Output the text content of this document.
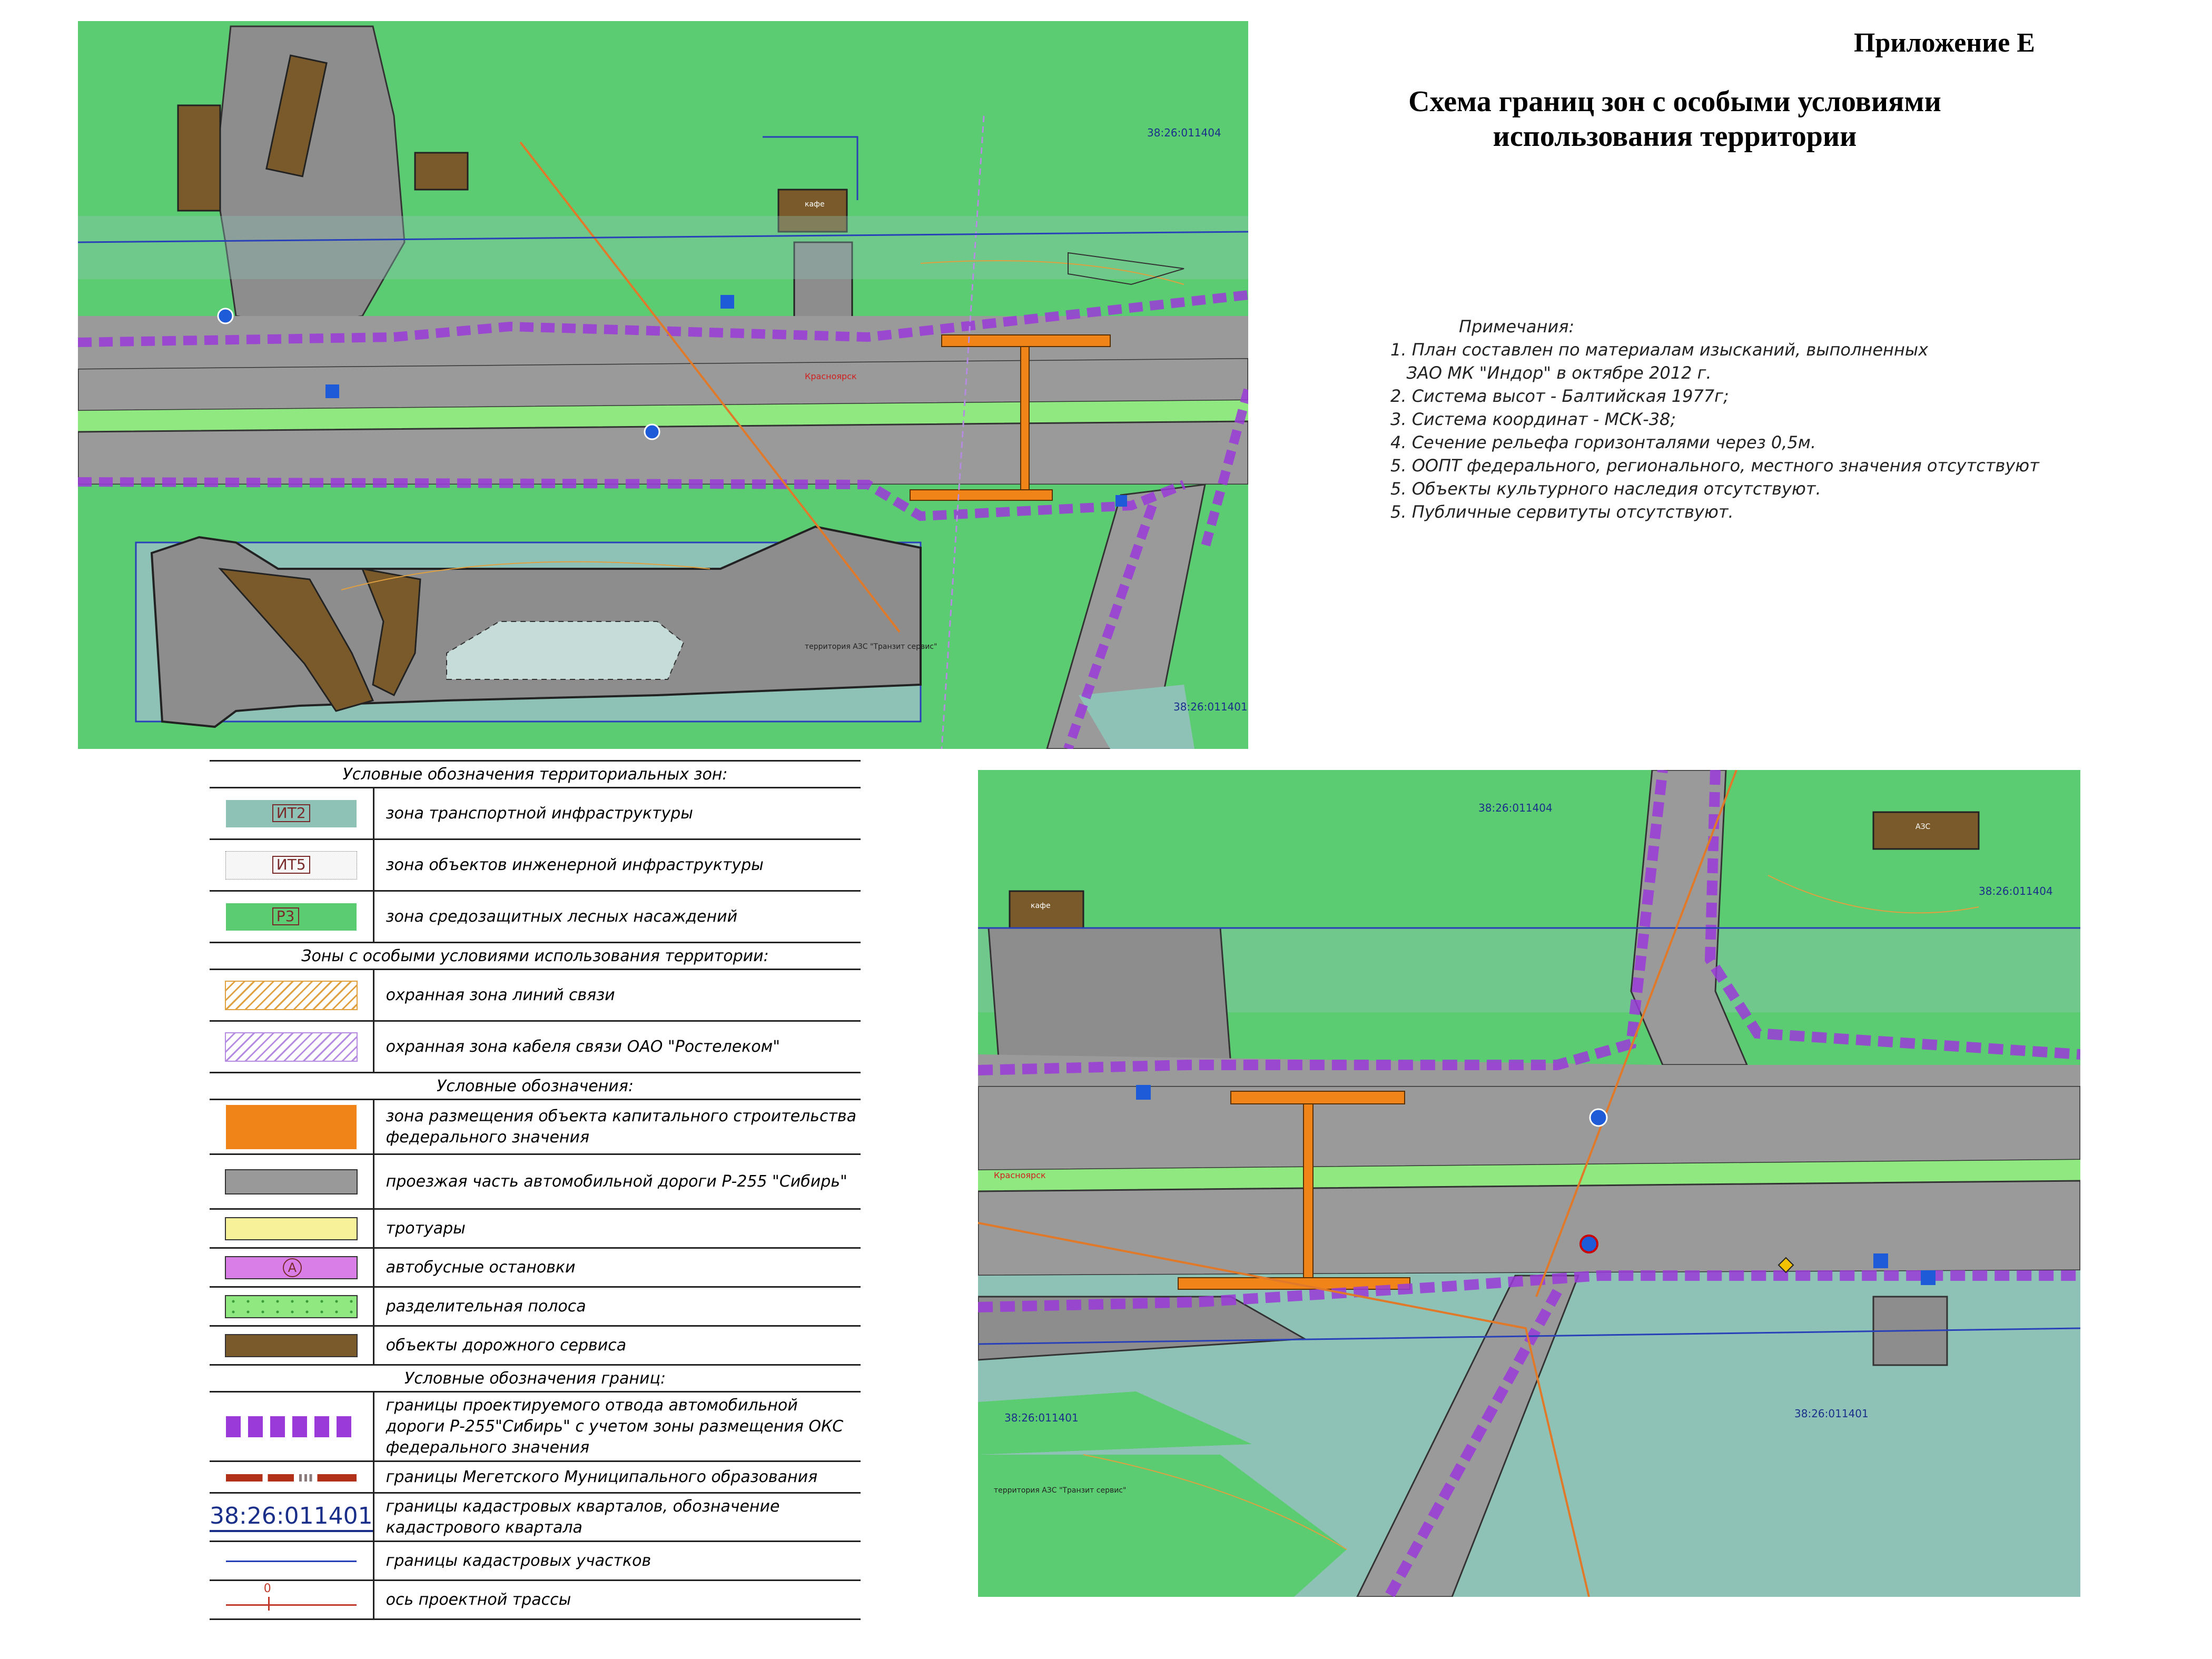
Приложение Е
Схема границ зон с особыми условиями
использования территории
Примечания:
1. План составлен по материалам изысканий, выполненных
ЗАО МК "Индор" в октябре 2012 г.
2. Система высот - Балтийская 1977г;
3. Система координат - МСК-38;
4. Сечение рельефа горизонталями через 0,5м.
5. ООПТ федерального, регионального, местного значения отсутствуют
5. Объекты культурного наследия отсутствуют.
5. Публичные сервитуты отсутствуют.
38:26:011404
38:26:011401
Красноярск
кафе
территория АЗС "Транзит сервис"
Условные обозначения территориальных зон:	

ИТ2	зона транспортной инфраструктуры

ИТ5	зона объектов инженерной инфраструктуры

Р3	зона средозащитных лесных насаждений
Зоны с особыми условиями использования территории:	
	охранная зона линий связи
	охранная зона кабеля связи ОАО "Ростелеком"
Условные обозначения:	
	зона размещения объекта капитального строительства федерального значения
	проезжая часть автомобильной дороги Р-255 "Сибирь"
	тротуары

А	автобусные остановки
	разделительная полоса
	объекты дорожного сервиса
Условные обозначения границ:	
	границы проектируемого отвода автомобильной дороги Р-255"Сибирь" с учетом зоны размещения ОКС федерального значения
	границы Мегетского Муниципального образования
38:26:011401	границы кадастровых кварталов, обозначение кадастрового квартала
	границы кадастровых участков

0	ось проектной трассы
38:26:011404
38:26:011404
38:26:011401	38:26:011401
Красноярск
кафе
территория АЗС "Транзит сервис"
АЗС
